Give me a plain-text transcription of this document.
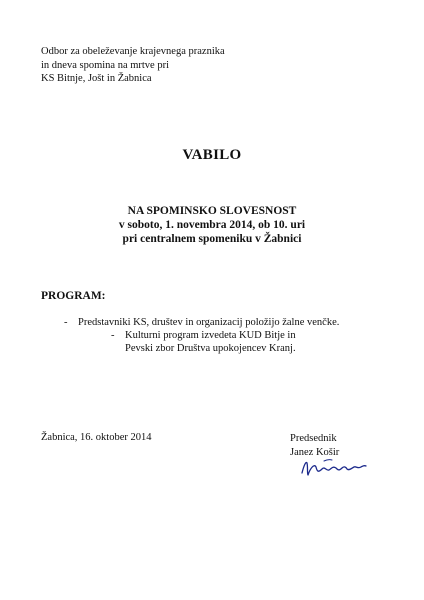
Odbor za obeleževanje krajevnega praznika
in dneva spomina na mrtve pri
KS Bitnje, Jošt in Žabnica
VABILO
NA SPOMINSKO SLOVESNOST
v soboto, 1. novembra 2014, ob 10. uri
pri centralnem spomeniku v Žabnici
PROGRAM:
- Predstavniki KS, društev in organizacij položijo žalne venčke.
- Kulturni program izvedeta KUD Bitje in
Pevski zbor Društva upokojencev Kranj.
Žabnica, 16. oktober 2014	Predsednik
Janez Košir
